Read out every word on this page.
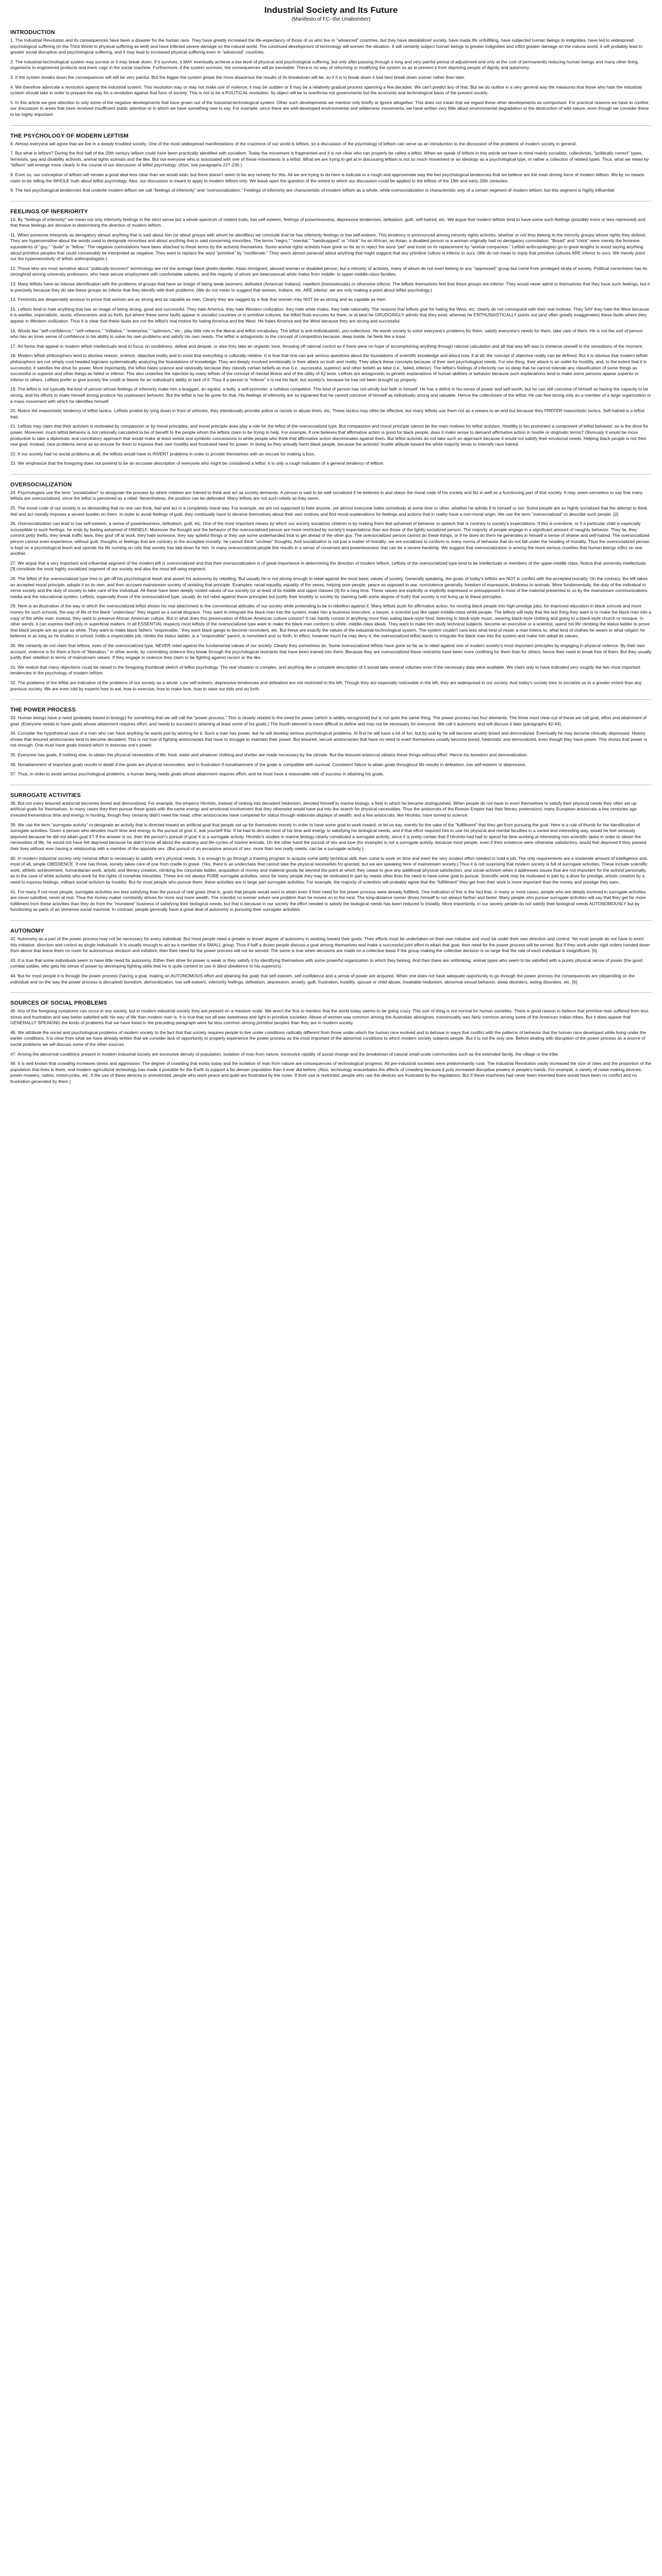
Industrial Society and Its Future
(Manifesto of FC--the Unabomber)
INTRODUCTION

1. The Industrial Revolution and its consequences have been a disaster for the human race. They have greatly increased the life-expectancy of those of us who live in "advanced" countries, but they have destabilized society, have made life unfulfilling, have subjected human beings to indignities, have led to widespread psychological suffering (in the Third World to physical suffering as well) and have inflicted severe damage on the natural world. The continued development of technology will worsen the situation. It will certainly subject human beings to greater indignities and inflict greater damage on the natural world, it will probably lead to greater social disruption and psychological suffering, and it may lead to increased physical suffering even in "advanced" countries.

2. The industrial-technological system may survive or it may break down. If it survives, it MAY eventually achieve a low level of physical and psychological suffering, but only after passing through a long and very painful period of adjustment and only at the cost of permanently reducing human beings and many other living organisms to engineered products and mere cogs in the social machine. Furthermore, if the system survives, the consequences will be inevitable: There is no way of reforming or modifying the system so as to prevent it from depriving people of dignity and autonomy.

3. If the system breaks down the consequences will still be very painful. But the bigger the system grows the more disastrous the results of its breakdown will be, so if it is to break down it had best break down sooner rather than later.

4. We therefore advocate a revolution against the industrial system. This revolution may or may not make use of violence; it may be sudden or it may be a relatively gradual process spanning a few decades. We can't predict any of that. But we do outline in a very general way the measures that those who hate the industrial system should take in order to prepare the way for a revolution against that form of society. This is not to be a POLITICAL revolution. Its object will be to overthrow not governments but the economic and technological basis of the present society.

5. In this article we give attention to only some of the negative developments that have grown out of the industrial-technological system. Other such developments we mention only briefly or ignore altogether. This does not mean that we regard these other developments as unimportant. For practical reasons we have to confine our discussion to areas that have received insufficient public attention or in which we have something new to say. For example, since there are well-developed environmental and wilderness movements, we have written very little about environmental degradation or the destruction of wild nature, even though we consider these to be highly important.

THE PSYCHOLOGY OF MODERN LEFTISM

6. Almost everyone will agree that we live in a deeply troubled society. One of the most widespread manifestations of the craziness of our world is leftism, so a discussion of the psychology of leftism can serve as an introduction to the discussion of the problems of modern society in general.

7. But what is leftism? During the first half of the 20th century leftism could have been practically identified with socialism. Today the movement is fragmented and it is not clear who can properly be called a leftist. When we speak of leftists in this article we have in mind mainly socialists, collectivists, "politically correct" types, feminists, gay and disability activists, animal rights activists and the like. But not everyone who is associated with one of these movements is a leftist. What we are trying to get at in discussing leftism is not so much movement or an ideology as a psychological type, or rather a collection of related types. Thus, what we mean by "leftism" will emerge more clearly in the course of our discussion of leftist psychology. (Also, see paragraphs 227-230.)

8. Even so, our conception of leftism will remain a good deal less clear than we would wish, but there doesn't seem to be any remedy for this. All we are trying to do here is indicate in a rough and approximate way the two psychological tendencies that we believe are the main driving force of modern leftism. We by no means claim to be telling the WHOLE truth about leftist psychology. Also, our discussion is meant to apply to modern leftism only. We leave open the question of the extent to which our discussion could be applied to the leftists of the 19th and early 20th centuries.

9. The two psychological tendencies that underlie modern leftism we call "feelings of inferiority" and "oversocialization." Feelings of inferiority are characteristic of modern leftism as a whole, while oversocialization is characteristic only of a certain segment of modern leftism; but this segment is highly influential.

FEELINGS OF INFERIORITY

10. By "feelings of inferiority" we mean not only inferiority feelings in the strict sense but a whole spectrum of related traits; low self-esteem, feelings of powerlessness, depressive tendencies, defeatism, guilt, self-hatred, etc. We argue that modern leftists tend to have some such feelings (possibly more or less repressed) and that these feelings are decisive in determining the direction of modern leftism.

11. When someone interprets as derogatory almost anything that is said about him (or about groups with whom he identifies) we conclude that he has inferiority feelings or low self-esteem. This tendency is pronounced among minority rights activists, whether or not they belong to the minority groups whose rights they defend. They are hypersensitive about the words used to designate minorities and about anything that is said concerning minorities. The terms "negro," "oriental," "handicapped" or "chick" for an African, an Asian, a disabled person or a woman originally had no derogatory connotation. "Broad" and "chick" were merely the feminine equivalents of "guy," "dude" or "fellow." The negative connotations have been attached to these terms by the activists themselves. Some animal rights activists have gone so far as to reject the word "pet" and insist on its replacement by "animal companion." Leftish anthropologists go to great lengths to avoid saying anything about primitive peoples that could conceivably be interpreted as negative. They want to replace the word "primitive" by "nonliterate." They seem almost paranoid about anything that might suggest that any primitive culture is inferior to ours. (We do not mean to imply that primitive cultures ARE inferior to ours. We merely point out the hypersensitivity of leftish anthropologists.)

12. Those who are most sensitive about "politically incorrect" terminology are not the average black ghetto-dweller, Asian immigrant, abused woman or disabled person, but a minority of activists, many of whom do not even belong to any "oppressed" group but come from privileged strata of society. Political correctness has its stronghold among university professors, who have secure employment with comfortable salaries, and the majority of whom are heterosexual white males from middle- to upper-middle-class families.

13. Many leftists have an intense identification with the problems of groups that have an image of being weak (women), defeated (American Indians), repellent (homosexuals) or otherwise inferior. The leftists themselves feel that these groups are inferior. They would never admit to themselves that they have such feelings, but it is precisely because they do see these groups as inferior that they identify with their problems. (We do not mean to suggest that women, Indians, etc. ARE inferior; we are only making a point about leftist psychology.)

14. Feminists are desperately anxious to prove that women are as strong and as capable as men. Clearly they are nagged by a fear that women may NOT be as strong and as capable as men.

15. Leftists tend to hate anything that has an image of being strong, good and successful. They hate America, they hate Western civilization, they hate white males, they hate rationality. The reasons that leftists give for hating the West, etc. clearly do not correspond with their real motives. They SAY they hate the West because it is warlike, imperialistic, sexist, ethnocentric and so forth, but where these same faults appear in socialist countries or in primitive cultures, the leftist finds excuses for them, or at best he GRUDGINGLY admits that they exist; whereas he ENTHUSIASTICALLY points out (and often greatly exaggerates) these faults where they appear in Western civilization. Thus it is clear that these faults are not the leftist's real motive for hating America and the West. He hates America and the West because they are strong and successful.

16. Words like "self-confidence," "self-reliance," "initiative," "enterprise," "optimism," etc., play little role in the liberal and leftist vocabulary. The leftist is anti-individualistic, pro-collectivist. He wants society to solve everyone's problems for them, satisfy everyone's needs for them, take care of them. He is not the sort of person who has an inner sense of confidence in his ability to solve his own problems and satisfy his own needs. The leftist is antagonistic to the concept of competition because, deep inside, he feels like a loser.

17. Art forms that appeal to modern leftish intellectuals tend to focus on sordidness, defeat and despair, or else they take an orgiastic tone, throwing off rational control as if there were no hope of accomplishing anything through rational calculation and all that was left was to immerse oneself in the sensations of the moment.

18. Modern leftish philosophers tend to dismiss reason, science, objective reality and to insist that everything is culturally relative. It is true that one can ask serious questions about the foundations of scientific knowledge and about how, if at all, the concept of objective reality can be defined. But it is obvious that modern leftish philosophers are not simply cool-headed logicians systematically analyzing the foundations of knowledge. They are deeply involved emotionally in their attack on truth and reality. They attack these concepts because of their own psychological needs. For one thing, their attack is an outlet for hostility, and, to the extent that it is successful, it satisfies the drive for power. More importantly, the leftist hates science and rationality because they classify certain beliefs as true (i.e., successful, superior) and other beliefs as false (i.e., failed, inferior). The leftist's feelings of inferiority run so deep that he cannot tolerate any classification of some things as successful or superior and other things as failed or inferior. This also underlies the rejection by many leftists of the concept of mental illness and of the utility of IQ tests. Leftists are antagonistic to genetic explanations of human abilities or behavior because such explanations tend to make some persons appear superior or inferior to others. Leftists prefer to give society the credit or blame for an individual's ability or lack of it. Thus if a person is "inferior" it is not his fault, but society's, because he has not been brought up properly.

19. The leftist is not typically the kind of person whose feelings of inferiority make him a braggart, an egotist, a bully, a self-promoter, a ruthless competitor. This kind of person has not wholly lost faith in himself. He has a deficit in his sense of power and self-worth, but he can still conceive of himself as having the capacity to be strong, and his efforts to make himself strong produce his unpleasant behavior. But the leftist is too far gone for that. His feelings of inferiority are so ingrained that he cannot conceive of himself as individually strong and valuable. Hence the collectivism of the leftist. He can feel strong only as a member of a large organization or a mass movement with which he identifies himself.

20. Notice the masochistic tendency of leftist tactics. Leftists protest by lying down in front of vehicles, they intentionally provoke police or racists to abuse them, etc. These tactics may often be effective, but many leftists use them not as a means to an end but because they PREFER masochistic tactics. Self-hatred is a leftist trait.

21. Leftists may claim that their activism is motivated by compassion or by moral principles, and moral principle does play a role for the leftist of the oversocialized type. But compassion and moral principle cannot be the main motives for leftist activism. Hostility is too prominent a component of leftist behavior; so is the drive for power. Moreover, much leftist behavior is not rationally calculated to be of benefit to the people whom the leftists claim to be trying to help. For example, if one believes that affirmative action is good for black people, does it make sense to demand affirmative action in hostile or dogmatic terms? Obviously it would be more productive to take a diplomatic and conciliatory approach that would make at least verbal and symbolic concessions to white people who think that affirmative action discriminates against them. But leftist activists do not take such an approach because it would not satisfy their emotional needs. Helping black people is not their real goal. Instead, race problems serve as an excuse for them to express their own hostility and frustrated need for power. In doing so they actually harm black people, because the activists' hostile attitude toward the white majority tends to intensify race hatred.

22. If our society had no social problems at all, the leftists would have to INVENT problems in order to provide themselves with an excuse for making a fuss.

23. We emphasize that the foregoing does not pretend to be an accurate description of everyone who might be considered a leftist. It is only a rough indication of a general tendency of leftism.

OVERSOCIALIZATION

24. Psychologists use the term "socialization" to designate the process by which children are trained to think and act as society demands. A person is said to be well socialized if he believes in and obeys the moral code of his society and fits in well as a functioning part of that society. It may seem senseless to say that many leftists are oversocialized, since the leftist is perceived as a rebel. Nevertheless, the position can be defended. Many leftists are not such rebels as they seem.

25. The moral code of our society is so demanding that no one can think, feel and act in a completely moral way. For example, we are not supposed to hate anyone, yet almost everyone hates somebody at some time or other, whether he admits it to himself or not. Some people are so highly socialized that the attempt to think, feel and act morally imposes a severe burden on them. In order to avoid feelings of guilt, they continually have to deceive themselves about their own motives and find moral explanations for feelings and actions that in reality have a non-moral origin. We use the term "oversocialized" to describe such people. [2]

26. Oversocialization can lead to low self-esteem, a sense of powerlessness, defeatism, guilt, etc. One of the most important means by which our society socializes children is by making them feel ashamed of behavior or speech that is contrary to society's expectations. If this is overdone, or if a particular child is especially susceptible to such feelings, he ends by feeling ashamed of HIMSELF. Moreover the thought and the behavior of the oversocialized person are more restricted by society's expectations than are those of the lightly socialized person. The majority of people engage in a significant amount of naughty behavior. They lie, they commit petty thefts, they break traffic laws, they goof off at work, they hate someone, they say spiteful things or they use some underhanded trick to get ahead of the other guy. The oversocialized person cannot do these things, or if he does do them he generates in himself a sense of shame and self-hatred. The oversocialized person cannot even experience, without guilt, thoughts or feelings that are contrary to the accepted morality; he cannot think "unclean" thoughts. And socialization is not just a matter of morality; we are socialized to conform to many norms of behavior that do not fall under the heading of morality. Thus the oversocialized person is kept on a psychological leash and spends his life running on rails that society has laid down for him. In many oversocialized people this results in a sense of constraint and powerlessness that can be a severe hardship. We suggest that oversocialization is among the more serious cruelties that human beings inflict on one another.

27. We argue that a very important and influential segment of the modern left is oversocialized and that their oversocialization is of great importance in determining the direction of modern leftism. Leftists of the oversocialized type tend to be intellectuals or members of the upper-middle class. Notice that university intellectuals [3] constitute the most highly socialized segment of our society and also the most left-wing segment.

28. The leftist of the oversocialized type tries to get off his psychological leash and assert his autonomy by rebelling. But usually he is not strong enough to rebel against the most basic values of society. Generally speaking, the goals of today's leftists are NOT in conflict with the accepted morality. On the contrary, the left takes an accepted moral principle, adopts it as its own, and then accuses mainstream society of violating that principle. Examples: racial equality, equality of the sexes, helping poor people, peace as opposed to war, nonviolence generally, freedom of expression, kindness to animals. More fundamentally, the duty of the individual to serve society and the duty of society to take care of the individual. All these have been deeply rooted values of our society (or at least of its middle and upper classes [4] for a long time. These values are explicitly or implicitly expressed or presupposed in most of the material presented to us by the mainstream communications media and the educational system. Leftists, especially those of the oversocialized type, usually do not rebel against these principles but justify their hostility to society by claiming (with some degree of truth) that society is not living up to these principles.

29. Here is an illustration of the way in which the oversocialized leftist shows his real attachment to the conventional attitudes of our society while pretending to be in rebellion against it. Many leftists push for affirmative action, for moving black people into high-prestige jobs, for improved education in black schools and more money for such schools; the way of life of the black "underclass" they regard as a social disgrace. They want to integrate the black man into the system, make him a business executive, a lawyer, a scientist just like upper-middle-class white people. The leftists will reply that the last thing they want is to make the black man into a copy of the white man; instead, they want to preserve African American culture. But in what does this preservation of African American culture consist? It can hardly consist in anything more than eating black-style food, listening to black-style music, wearing black-style clothing and going to a black-style church or mosque. In other words, it can express itself only in superficial matters. In all ESSENTIAL respects most leftists of the oversocialized type want to make the black man conform to white, middle-class ideals. They want to make him study technical subjects, become an executive or a scientist, spend his life climbing the status ladder to prove that black people are as good as white. They want to make black fathers "responsible," they want black gangs to become nonviolent, etc. But these are exactly the values of the industrial-technological system. The system couldn't care less what kind of music a man listens to, what kind of clothes he wears or what religion he believes in as long as he studies in school, holds a respectable job, climbs the status ladder, is a "responsible" parent, is nonviolent and so forth. In effect, however much he may deny it, the oversocialized leftist wants to integrate the black man into the system and make him adopt its values.

30. We certainly do not claim that leftists, even of the oversocialized type, NEVER rebel against the fundamental values of our society. Clearly they sometimes do. Some oversocialized leftists have gone so far as to rebel against one of modern society's most important principles by engaging in physical violence. By their own account, violence is for them a form of "liberation." In other words, by committing violence they break through the psychological restraints that have been trained into them. Because they are oversocialized these restraints have been more confining for them than for others; hence their need to break free of them. But they usually justify their rebellion in terms of mainstream values. If they engage in violence they claim to be fighting against racism or the like.

31. We realize that many objections could be raised to the foregoing thumbnail sketch of leftist psychology. The real situation is complex, and anything like a complete description of it would take several volumes even if the necessary data were available. We claim only to have indicated very roughly the two most important tendencies in the psychology of modern leftism.

32. The problems of the leftist are indicative of the problems of our society as a whole. Low self-esteem, depressive tendencies and defeatism are not restricted to the left. Though they are especially noticeable in the left, they are widespread in our society. And today's society tries to socialize us to a greater extent than any previous society. We are even told by experts how to eat, how to exercise, how to make love, how to raise our kids and so forth.

THE POWER PROCESS

33. Human beings have a need (probably based in biology) for something that we will call the "power process." This is closely related to the need for power (which is widely recognized) but is not quite the same thing. The power process has four elements. The three most clear-cut of these we call goal, effort and attainment of goal. (Everyone needs to have goals whose attainment requires effort, and needs to succeed in attaining at least some of his goals.) The fourth element is more difficult to define and may not be necessary for everyone. We call it autonomy and will discuss it later (paragraphs 42-44).

34. Consider the hypothetical case of a man who can have anything he wants just by wishing for it. Such a man has power, but he will develop serious psychological problems. At first he will have a lot of fun, but by and by he will become acutely bored and demoralized. Eventually he may become clinically depressed. History shows that leisured aristocracies tend to become decadent. This is not true of fighting aristocracies that have to struggle to maintain their power. But leisured, secure aristocracies that have no need to exert themselves usually become bored, hedonistic and demoralized, even though they have power. This shows that power is not enough. One must have goals toward which to exercise one's power.

35. Everyone has goals; if nothing else, to obtain the physical necessities of life: food, water and whatever clothing and shelter are made necessary by the climate. But the leisured aristocrat obtains these things without effort. Hence his boredom and demoralization.

36. Nonattainment of important goals results in death if the goals are physical necessities, and in frustration if nonattainment of the goals is compatible with survival. Consistent failure to attain goals throughout life results in defeatism, low self-esteem or depression.

37. Thus, in order to avoid serious psychological problems, a human being needs goals whose attainment requires effort, and he must have a reasonable rate of success in attaining his goals.

SURROGATE ACTIVITIES

38. But not every leisured aristocrat becomes bored and demoralized. For example, the emperor Hirohito, instead of sinking into decadent hedonism, devoted himself to marine biology, a field in which he became distinguished. When people do not have to exert themselves to satisfy their physical needs they often set up artificial goals for themselves. In many cases they then pursue these goals with the same energy and emotional involvement that they otherwise would have put into the search for physical necessities. Thus the aristocrats of the Roman Empire had their literary pretensions; many European aristocrats a few centuries ago invested tremendous time and energy in hunting, though they certainly didn't need the meat; other aristocracies have competed for status through elaborate displays of wealth; and a few aristocrats, like Hirohito, have turned to science.

39. We use the term "surrogate activity" to designate an activity that is directed toward an artificial goal that people set up for themselves merely in order to have some goal to work toward, or let us say, merely for the sake of the "fulfillment" that they get from pursuing the goal. Here is a rule of thumb for the identification of surrogate activities. Given a person who devotes much time and energy to the pursuit of goal X, ask yourself this: If he had to devote most of his time and energy to satisfying his biological needs, and if that effort required him to use his physical and mental faculties in a varied and interesting way, would he feel seriously deprived because he did not attain goal X? If the answer is no, then the person's pursuit of goal X is a surrogate activity. Hirohito's studies in marine biology clearly constituted a surrogate activity, since it is pretty certain that if Hirohito had had to spend his time working at interesting non-scientific tasks in order to obtain the necessities of life, he would not have felt deprived because he didn't know all about the anatomy and life-cycles of marine animals. On the other hand the pursuit of sex and love (for example) is not a surrogate activity, because most people, even if their existence were otherwise satisfactory, would feel deprived if they passed their lives without ever having a relationship with a member of the opposite sex. (But pursuit of an excessive amount of sex, more than one really needs, can be a surrogate activity.)

40. In modern industrial society only minimal effort is necessary to satisfy one's physical needs. It is enough to go through a training program to acquire some petty technical skill, then come to work on time and exert the very modest effort needed to hold a job. The only requirements are a moderate amount of intelligence and, most of all, simple OBEDIENCE. If one has those, society takes care of one from cradle to grave. (Yes, there is an underclass that cannot take the physical necessities for granted, but we are speaking here of mainstream society.) Thus it is not surprising that modern society is full of surrogate activities. These include scientific work, athletic achievement, humanitarian work, artistic and literary creation, climbing the corporate ladder, acquisition of money and material goods far beyond the point at which they cease to give any additional physical satisfaction, and social activism when it addresses issues that are not important for the activist personally, as in the case of white activists who work for the rights of nonwhite minorities. These are not always PURE surrogate activities, since for many people they may be motivated in part by needs other than the need to have some goal to pursue. Scientific work may be motivated in part by a drive for prestige, artistic creation by a need to express feelings, militant social activism by hostility. But for most people who pursue them, these activities are in large part surrogate activities. For example, the majority of scientists will probably agree that the "fulfillment" they get from their work is more important than the money and prestige they earn.

41. For many if not most people, surrogate activities are less satisfying than the pursuit of real goals (that is, goals that people would want to attain even if their need for the power process were already fulfilled). One indication of this is the fact that, in many or most cases, people who are deeply involved in surrogate activities are never satisfied, never at rest. Thus the money-maker constantly strives for more and more wealth. The scientist no sooner solves one problem than he moves on to the next. The long-distance runner drives himself to run always farther and faster. Many people who pursue surrogate activities will say that they get far more fulfillment from these activities than they do from the "mundane" business of satisfying their biological needs, but that is because in our society the effort needed to satisfy the biological needs has been reduced to triviality. More importantly, in our society people do not satisfy their biological needs AUTONOMOUSLY but by functioning as parts of an immense social machine. In contrast, people generally have a great deal of autonomy in pursuing their surrogate activities.

AUTONOMY

42. Autonomy as a part of the power process may not be necessary for every individual. But most people need a greater or lesser degree of autonomy in working toward their goals. Their efforts must be undertaken on their own initiative and must be under their own direction and control. Yet most people do not have to exert this initiative, direction and control as single individuals. It is usually enough to act as a member of a SMALL group. Thus if half a dozen people discuss a goal among themselves and make a successful joint effort to attain that goal, their need for the power process will be served. But if they work under rigid orders handed down from above that leave them no room for autonomous decision and initiative, then their need for the power process will not be served. The same is true when decisions are made on a collective basis if the group making the collective decision is so large that the role of each individual is insignificant. [5]

43. It is true that some individuals seem to have little need for autonomy. Either their drive for power is weak or they satisfy it by identifying themselves with some powerful organization to which they belong. And then there are unthinking, animal types who seem to be satisfied with a purely physical sense of power (the good combat soldier, who gets his sense of power by developing fighting skills that he is quite content to use in blind obedience to his superiors).

44. But for most people it is through the power process (having a goal, making an AUTONOMOUS effort and attaining the goal) that self-esteem, self-confidence and a sense of power are acquired. When one does not have adequate opportunity to go through the power process the consequences are (depending on the individual and on the way the power process is disrupted) boredom, demoralization, low self-esteem, inferiority feelings, defeatism, depression, anxiety, guilt, frustration, hostility, spouse or child abuse, insatiable hedonism, abnormal sexual behavior, sleep disorders, eating disorders, etc. [6]

SOURCES OF SOCIAL PROBLEMS

45. Any of the foregoing symptoms can occur in any society, but in modern industrial society they are present on a massive scale. We aren't the first to mention that the world today seems to be going crazy. This sort of thing is not normal for human societies. There is good reason to believe that primitive man suffered from less stress and frustration and was better satisfied with his way of life than modern man is. It is true that not all was sweetness and light in primitive societies. Abuse of women was common among the Australian aborigines, transexuality was fairly common among some of the American Indian tribes. But it does appear that GENERALLY SPEAKING the kinds of problems that we have listed in the preceding paragraph were far less common among primitive peoples than they are in modern society.

46. We attribute the social and psychological problems of modern society to the fact that that society requires people to live under conditions radically different from those under which the human race evolved and to behave in ways that conflict with the patterns of behavior that the human race developed while living under the earlier conditions. It is clear from what we have already written that we consider lack of opportunity to properly experience the power process as the most important of the abnormal conditions to which modern society subjects people. But it is not the only one. Before dealing with disruption of the power process as a source of social problems we will discuss some of the other sources.

47. Among the abnormal conditions present in modern industrial society are excessive density of population, isolation of man from nature, excessive rapidity of social change and the breakdown of natural small-scale communities such as the extended family, the village or the tribe.

48. It is well known that crowding increases stress and aggression. The degree of crowding that exists today and the isolation of man from nature are consequences of technological progress. All pre-industrial societies were predominantly rural. The Industrial Revolution vastly increased the size of cities and the proportion of the population that lives in them, and modern agricultural technology has made it possible for the Earth to support a far denser population than it ever did before. (Also, technology exacerbates the effects of crowding because it puts increased disruptive powers in people's hands. For example, a variety of noise-making devices: power mowers, radios, motorcycles, etc. If the use of these devices is unrestricted, people who want peace and quiet are frustrated by the noise. If their use is restricted, people who use the devices are frustrated by the regulations. But if these machines had never been invented there would have been no conflict and no frustration generated by them.)
